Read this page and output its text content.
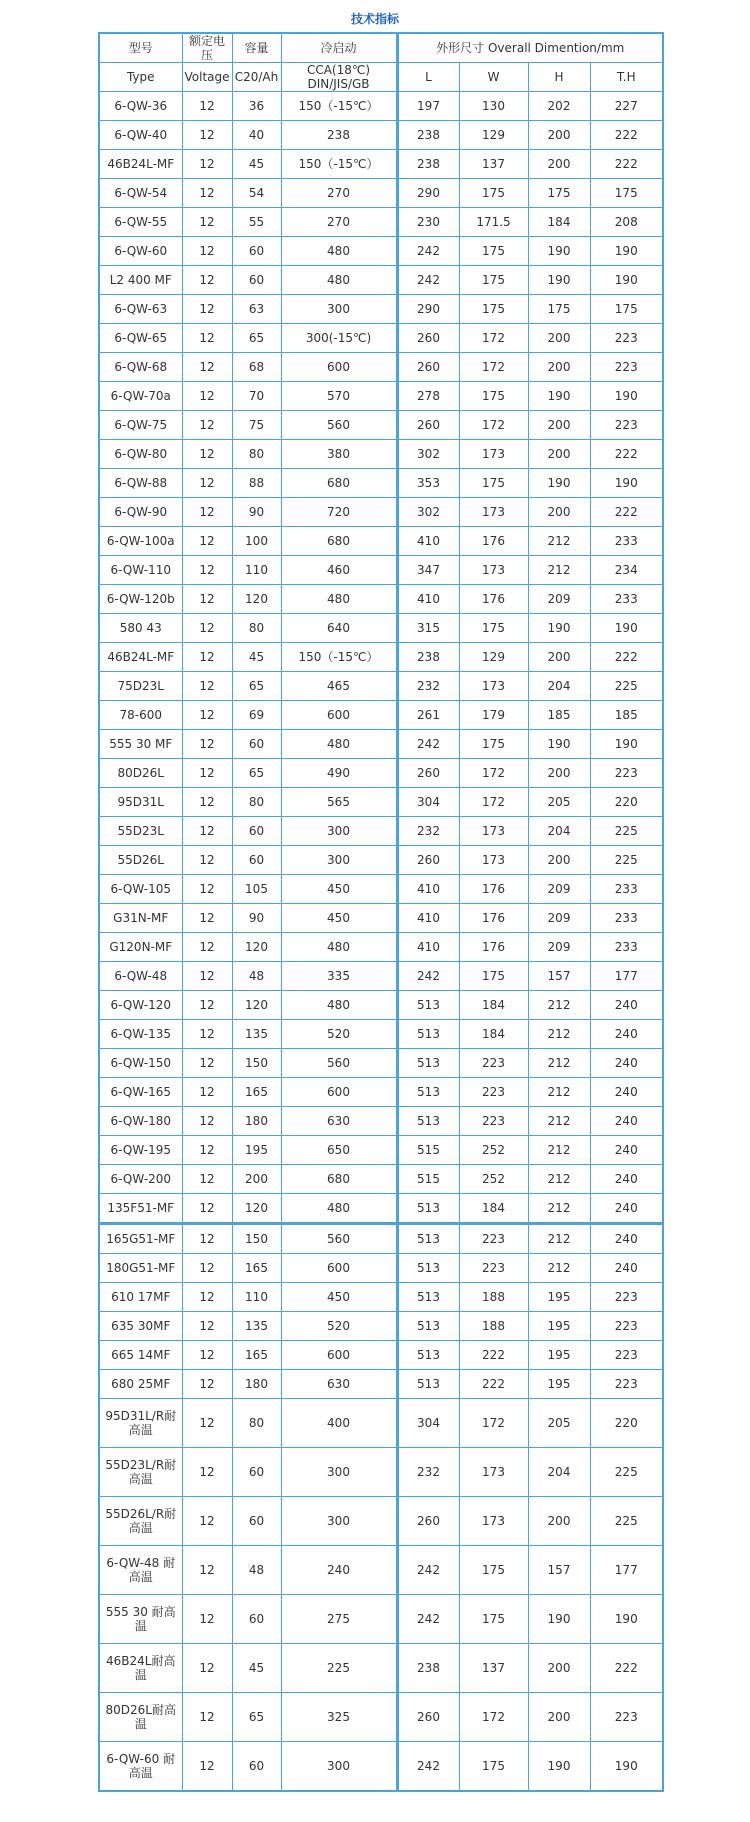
技术指标
型号	额定电压	容量	冷启动	外形尺寸 Overall Dimention/mm			
Type	Voltage	C20/Ah	CCA(18℃) DIN/JIS/GB	L	W	H	T.H
6-QW-36	12	36	150（-15℃）	197	130	202	227
6-QW-40	12	40	238	238	129	200	222
46B24L-MF	12	45	150（-15℃）	238	137	200	222
6-QW-54	12	54	270	290	175	175	175
6-QW-55	12	55	270	230	171.5	184	208
6-QW-60	12	60	480	242	175	190	190
L2 400 MF	12	60	480	242	175	190	190
6-QW-63	12	63	300	290	175	175	175
6-QW-65	12	65	300(-15℃)	260	172	200	223
6-QW-68	12	68	600	260	172	200	223
6-QW-70a	12	70	570	278	175	190	190
6-QW-75	12	75	560	260	172	200	223
6-QW-80	12	80	380	302	173	200	222
6-QW-88	12	88	680	353	175	190	190
6-QW-90	12	90	720	302	173	200	222
6-QW-100a	12	100	680	410	176	212	233
6-QW-110	12	110	460	347	173	212	234
6-QW-120b	12	120	480	410	176	209	233
580 43	12	80	640	315	175	190	190
46B24L-MF	12	45	150（-15℃）	238	129	200	222
75D23L	12	65	465	232	173	204	225
78-600	12	69	600	261	179	185	185
555 30 MF	12	60	480	242	175	190	190
80D26L	12	65	490	260	172	200	223
95D31L	12	80	565	304	172	205	220
55D23L	12	60	300	232	173	204	225
55D26L	12	60	300	260	173	200	225
6-QW-105	12	105	450	410	176	209	233
G31N-MF	12	90	450	410	176	209	233
G120N-MF	12	120	480	410	176	209	233
6-QW-48	12	48	335	242	175	157	177
6-QW-120	12	120	480	513	184	212	240
6-QW-135	12	135	520	513	184	212	240
6-QW-150	12	150	560	513	223	212	240
6-QW-165	12	165	600	513	223	212	240
6-QW-180	12	180	630	513	223	212	240
6-QW-195	12	195	650	515	252	212	240
6-QW-200	12	200	680	515	252	212	240
135F51-MF	12	120	480	513	184	212	240
165G51-MF	12	150	560	513	223	212	240
180G51-MF	12	165	600	513	223	212	240
610 17MF	12	110	450	513	188	195	223
635 30MF	12	135	520	513	188	195	223
665 14MF	12	165	600	513	222	195	223
680 25MF	12	180	630	513	222	195	223
95D31L/R耐高温	12	80	400	304	172	205	220
55D23L/R耐高温	12	60	300	232	173	204	225
55D26L/R耐高温	12	60	300	260	173	200	225
6-QW-48 耐高温	12	48	240	242	175	157	177
555 30 耐高温	12	60	275	242	175	190	190
46B24L耐高温	12	45	225	238	137	200	222
80D26L耐高温	12	65	325	260	172	200	223
6-QW-60 耐高温	12	60	300	242	175	190	190
